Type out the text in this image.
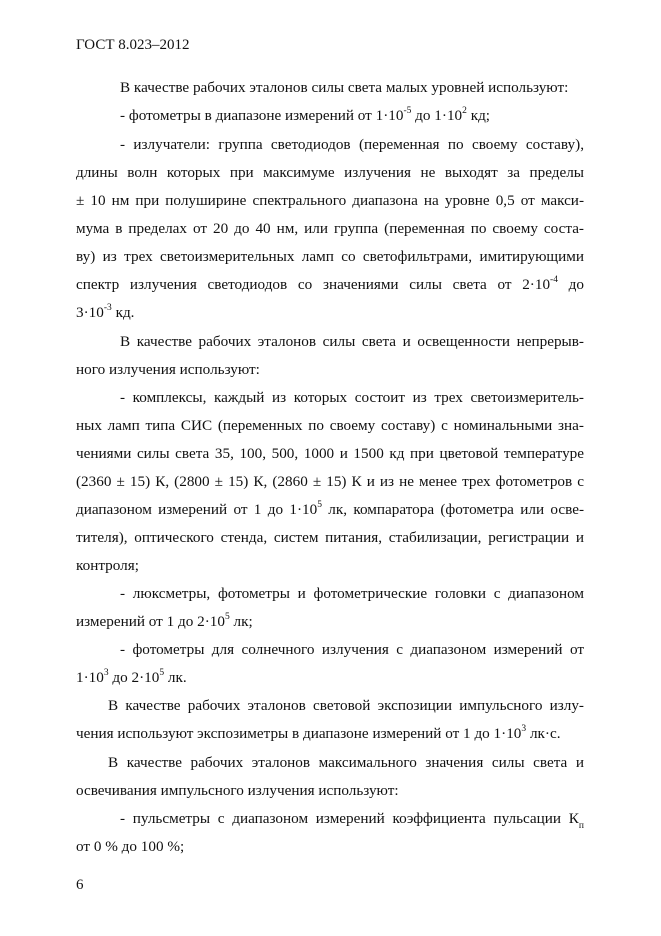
ГОСТ 8.023–2012
В качестве рабочих эталонов силы света малых уровней используют:
- фотометры в диапазоне измерений от $1\cdot 10^{-5}$ до $1\cdot 10^2$ кд;
- излучатели: группа светодиодов (переменная по своему составу),
длины волн которых при максимуме излучения не выходят за пределы
± 10 нм при полуширине спектрального диапазона на уровне 0,5 от макси-
мума в пределах от 20 до 40 нм, или группа (переменная по своему соста-
ву) из трех светоизмерительных ламп со светофильтрами, имитирующими
спектр излучения светодиодов со значениями силы света от $2\cdot 10^{-4}$ до
$3\cdot 10^{-3}$ кд.
В качестве рабочих эталонов силы света и освещенности непрерыв-
ного излучения используют:
- комплексы, каждый из которых состоит из трех светоизмеритель-
ных ламп типа СИС (переменных по своему составу) с номинальными зна-
чениями силы света 35, 100, 500, 1000 и 1500 кд при цветовой температуре
(2360 ± 15) К, (2800 ± 15) К, (2860 ± 15) К и из не менее трех фотометров с
диапазоном измерений от 1 до $1\cdot 10^5$ лк, компаратора (фотометра или осве-
тителя), оптического стенда, систем питания, стабилизации, регистрации и
контроля;
- люксметры, фотометры и фотометрические головки с диапазоном
измерений от 1 до $2\cdot 10^5$ лк;
- фотометры для солнечного излучения с диапазоном измерений от
$1\cdot 10^3$ до $2\cdot 10^5$ лк.
В качестве рабочих эталонов световой экспозиции импульсного излу-
чения используют экспозиметры в диапазоне измерений от 1 до $1\cdot 10^3$ лк·с.
В качестве рабочих эталонов максимального значения силы света и
освечивания импульсного излучения используют:
- пульсметры с диапазоном измерений коэффициента пульсации $К_п$
от 0 % до 100 %;
6
